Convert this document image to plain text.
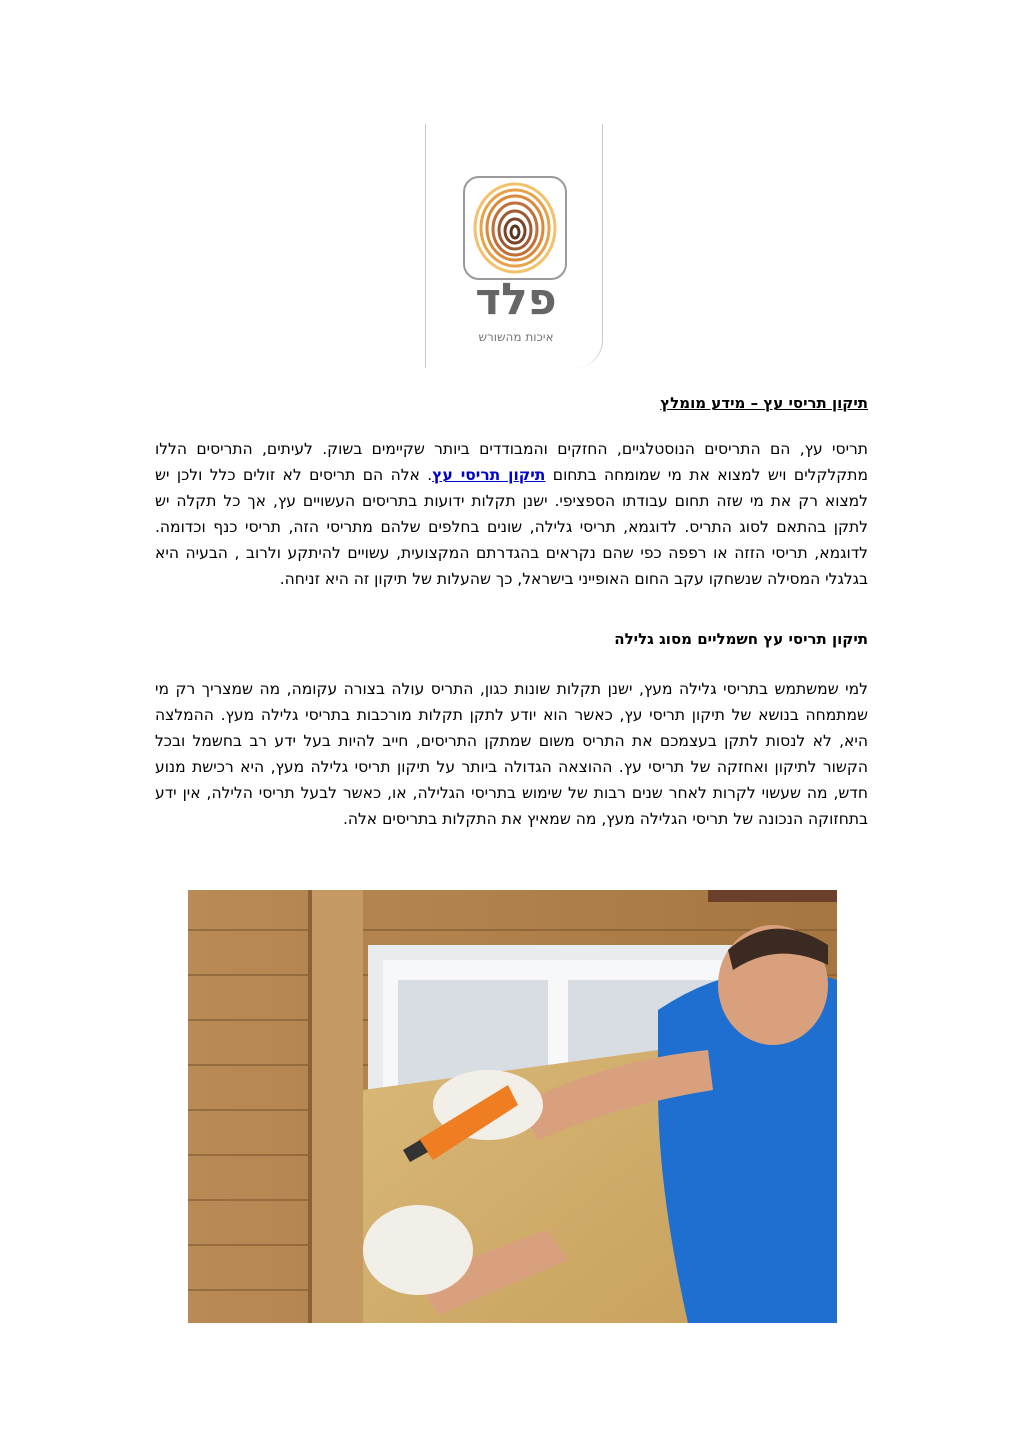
פלד
איכות מהשורש
תיקון תריסי עץ – מידע מומלץ
תריסי עץ, הם התריסים הנוסטלגיים, החזקים והמבודדים ביותר שקיימים בשוק. לעיתים, התריסים הללו מתקלקלים ויש למצוא את מי שמומחה בתחום תיקון תריסי עץ. אלה הם תריסים לא זולים כלל ולכן יש למצוא רק את מי שזה תחום עבודתו הספציפי. ישנן תקלות ידועות בתריסים העשויים עץ, אך כל תקלה יש לתקן בהתאם לסוג התריס. לדוגמא, תריסי גלילה, שונים בחלפים שלהם מתריסי הזה, תריסי כנף וכדומה. לדוגמא, תריסי הזזה או רפפה כפי שהם נקראים בהגדרתם המקצועית, עשויים להיתקע ולרוב , הבעיה היא בגלגלי המסילה שנשחקו עקב החום האופייני בישראל, כך שהעלות של תיקון זה היא זניחה.
תיקון תריסי עץ חשמליים מסוג גלילה
למי שמשתמש בתריסי גלילה מעץ, ישנן תקלות שונות כגון, התריס עולה בצורה עקומה, מה שמצריך רק מי שמתמחה בנושא של תיקון תריסי עץ, כאשר הוא יודע לתקן תקלות מורכבות בתריסי גלילה מעץ. ההמלצה היא, לא לנסות לתקן בעצמכם את התריס משום שמתקן התריסים, חייב להיות בעל ידע רב בחשמל ובכל הקשור לתיקון ואחזקה של תריסי עץ. ההוצאה הגדולה ביותר על תיקון תריסי גלילה מעץ, היא רכישת מנוע חדש, מה שעשוי לקרות לאחר שנים רבות של שימוש בתריסי הגלילה, או, כאשר לבעל תריסי הלילה, אין ידע בתחזוקה הנכונה של תריסי הגלילה מעץ, מה שמאיץ את התקלות בתריסים אלה.
